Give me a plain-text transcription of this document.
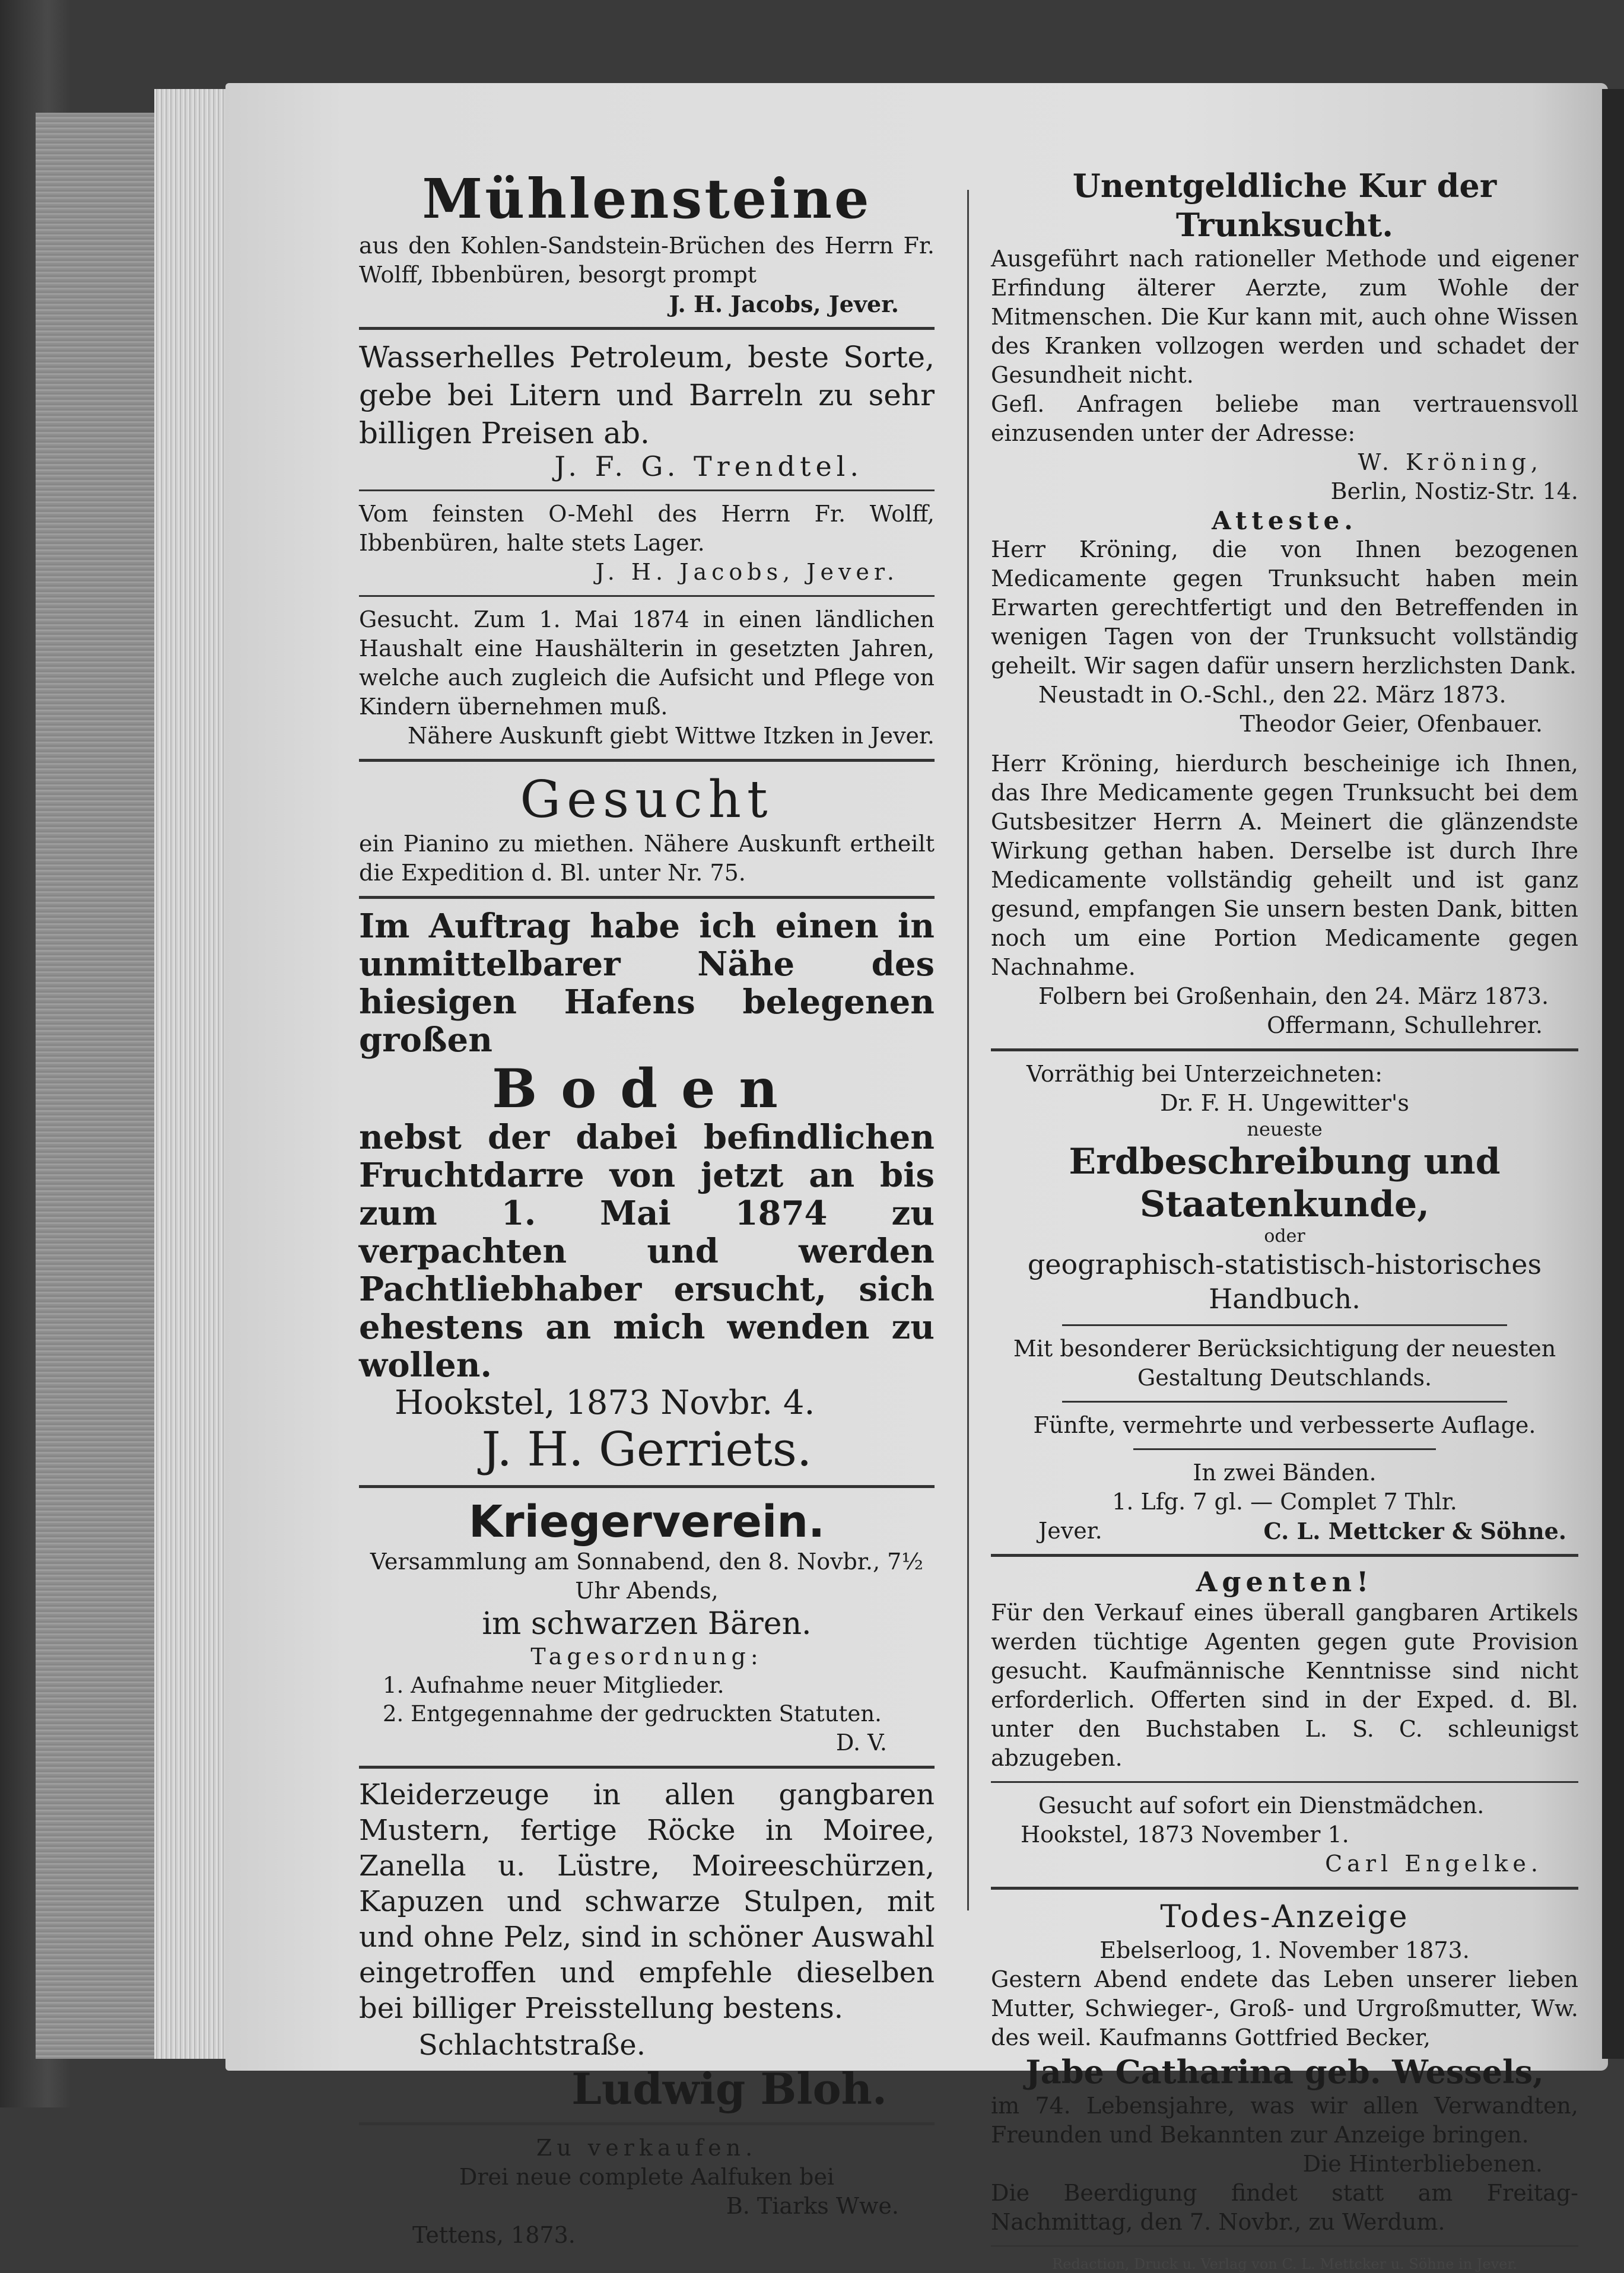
Mühlensteine

aus den Kohlen-Sandstein-Brüchen des Herrn Fr. Wolff, Ibbenbüren, besorgt prompt

J. H. Jacobs, Jever.

Wasserhelles Petroleum, beste Sorte, gebe bei Litern und Barreln zu sehr billigen Preisen ab.

J. F. G. Trendtel.

Vom feinsten O-Mehl des Herrn Fr. Wolff, Ibbenbüren, halte stets Lager.

J. H. Jacobs, Jever.

Gesucht. Zum 1. Mai 1874 in einen ländlichen Haushalt eine Haushälterin in gesetzten Jahren, welche auch zugleich die Aufsicht und Pflege von Kindern übernehmen muß.

Nähere Auskunft giebt Wittwe Itzken in Jever.

Gesucht

ein Pianino zu miethen. Nähere Auskunft ertheilt die Expedition d. Bl. unter Nr. 75.

Im Auftrag habe ich einen in unmittelbarer Nähe des hiesigen Hafens belegenen großen

Boden

nebst der dabei befindlichen Fruchtdarre von jetzt an bis zum 1. Mai 1874 zu verpachten und werden Pachtliebhaber ersucht, sich ehestens an mich wenden zu wollen.

Hookstel, 1873 Novbr. 4.

J. H. Gerriets.

Kriegerverein.

Versammlung am Sonnabend, den 8. Novbr., 7½ Uhr Abends,

im schwarzen Bären.

Tagesordnung:

1. Aufnahme neuer Mitglieder.
2. Entgegennahme der gedruckten Statuten.

D. V.

Kleiderzeuge in allen gangbaren Mustern, fertige Röcke in Moiree, Zanella u. Lüstre, Moireeschürzen, Kapuzen und schwarze Stulpen, mit und ohne Pelz, sind in schöner Auswahl eingetroffen und empfehle dieselben bei billiger Preisstellung bestens.

Schlachtstraße.

Ludwig Bloh.

Zu verkaufen.

Drei neue complete Aalfuken bei

B. Tiarks Wwe.

Tettens, 1873.

Unentgeldliche Kur der Trunksucht.

Ausgeführt nach rationeller Methode und eigener Erfindung älterer Aerzte, zum Wohle der Mitmenschen. Die Kur kann mit, auch ohne Wissen des Kranken vollzogen werden und schadet der Gesundheit nicht.

Gefl. Anfragen beliebe man vertrauensvoll einzusenden unter der Adresse:

W. Kröning,

Berlin, Nostiz-Str. 14.

Atteste.

Herr Kröning, die von Ihnen bezogenen Medicamente gegen Trunksucht haben mein Erwarten gerechtfertigt und den Betreffenden in wenigen Tagen von der Trunksucht vollständig geheilt. Wir sagen dafür unsern herzlichsten Dank.

Neustadt in O.-Schl., den 22. März 1873.

Theodor Geier, Ofenbauer.

Herr Kröning, hierdurch bescheinige ich Ihnen, das Ihre Medicamente gegen Trunksucht bei dem Gutsbesitzer Herrn A. Meinert die glänzendste Wirkung gethan haben. Derselbe ist durch Ihre Medicamente vollständig geheilt und ist ganz gesund, empfangen Sie unsern besten Dank, bitten noch um eine Portion Medicamente gegen Nachnahme.

Folbern bei Großenhain, den 24. März 1873.

Offermann, Schullehrer.

Vorräthig bei Unterzeichneten:

Dr. F. H. Ungewitter's

neueste

Erdbeschreibung und Staatenkunde,

oder

geographisch-statistisch-historisches Handbuch.

Mit besonderer Berücksichtigung der neuesten Gestaltung Deutschlands.

Fünfte, vermehrte und verbesserte Auflage.

In zwei Bänden.

1. Lfg. 7 gl. — Complet 7 Thlr.

Jever.	C. L. Mettcker & Söhne.

Agenten!

Für den Verkauf eines überall gangbaren Artikels werden tüchtige Agenten gegen gute Provision gesucht. Kaufmännische Kenntnisse sind nicht erforderlich. Offerten sind in der Exped. d. Bl. unter den Buchstaben L. S. C. schleunigst abzugeben.

Gesucht auf sofort ein Dienstmädchen.

Hookstel, 1873 November 1.

Carl Engelke.

Todes-Anzeige

Ebelserloog, 1. November 1873.

Gestern Abend endete das Leben unserer lieben Mutter, Schwieger-, Groß- und Urgroßmutter, Ww. des weil. Kaufmanns Gottfried Becker,

Jabe Catharina geb. Wessels,

im 74. Lebensjahre, was wir allen Verwandten, Freunden und Bekannten zur Anzeige bringen.

Die Hinterbliebenen.

Die Beerdigung findet statt am Freitag-Nachmittag, den 7. Novbr., zu Werdum.

Redaction, Druck u. Verlag von C. L. Mettcker u. Söhne in Jever.
